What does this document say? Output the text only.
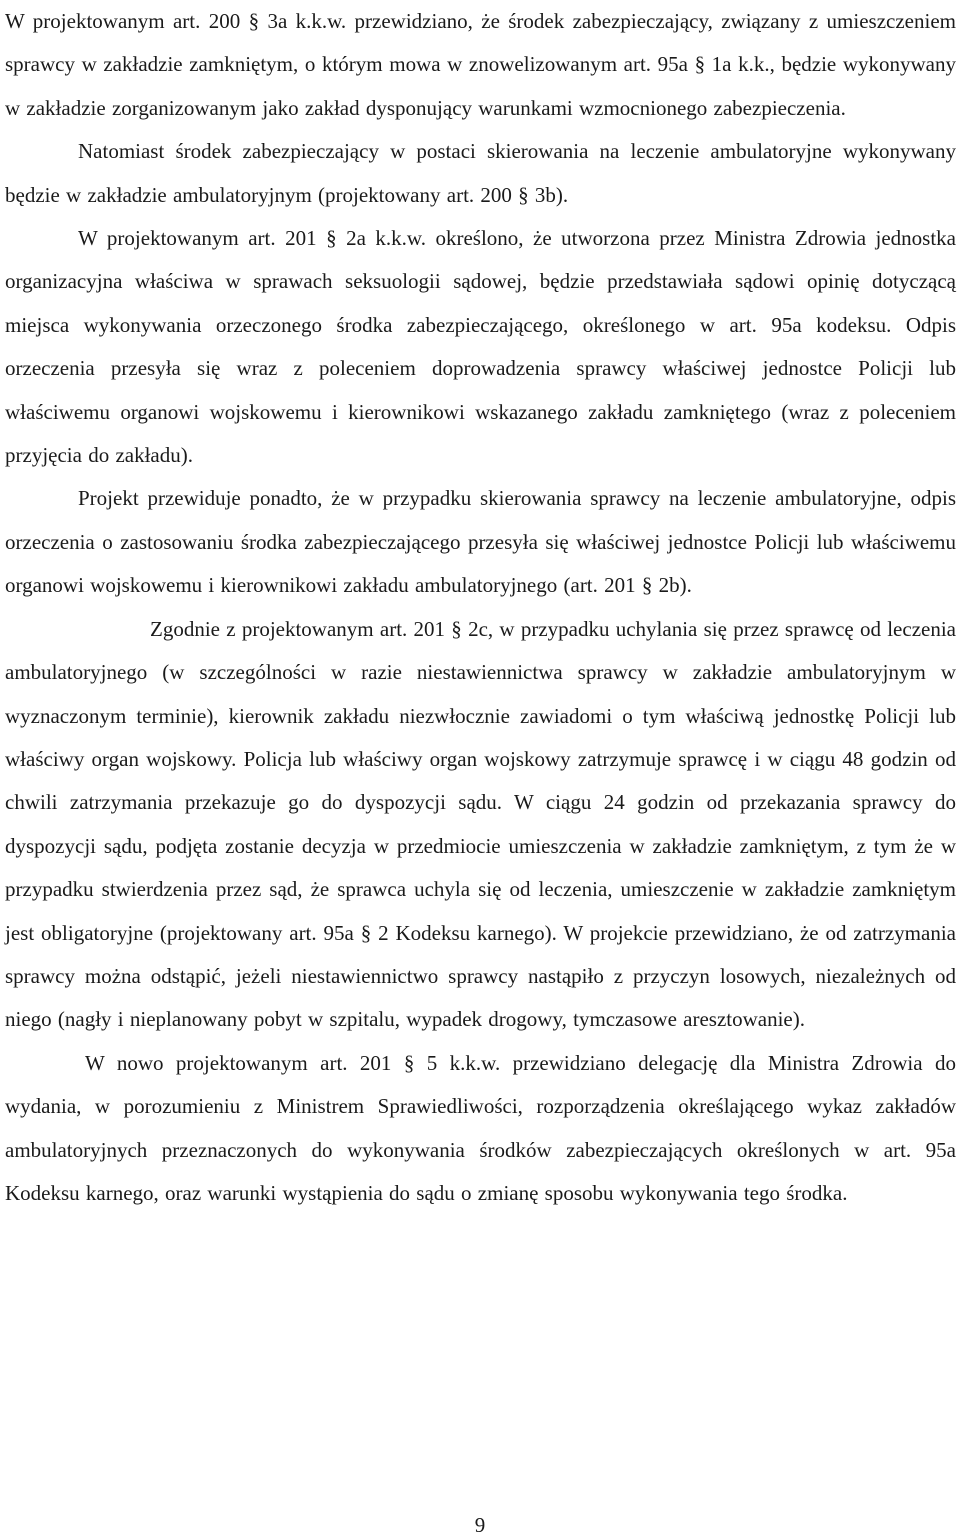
W projektowanym art. 200 § 3a k.k.w. przewidziano, że środek zabezpieczający, związany z umieszczeniem sprawcy w zakładzie zamkniętym, o którym mowa w znowelizowanym art. 95a § 1a k.k., będzie wykonywany w zakładzie zorganizowanym jako zakład dysponujący warunkami wzmocnionego zabezpieczenia.

Natomiast środek zabezpieczający w postaci skierowania na leczenie ambulatoryjne wykonywany będzie w zakładzie ambulatoryjnym (projektowany art. 200 § 3b).

W projektowanym art. 201 § 2a k.k.w. określono, że utworzona przez Ministra Zdrowia jednostka organizacyjna właściwa w sprawach seksuologii sądowej, będzie przedstawiała sądowi opinię dotyczącą miejsca wykonywania orzeczonego środka zabezpieczającego, określonego w art. 95a kodeksu. Odpis orzeczenia przesyła się wraz z poleceniem doprowadzenia sprawcy właściwej jednostce Policji lub właściwemu organowi wojskowemu i kierownikowi wskazanego zakładu zamkniętego (wraz z poleceniem przyjęcia do zakładu).

Projekt przewiduje ponadto, że w przypadku skierowania sprawcy na leczenie ambulatoryjne, odpis orzeczenia o zastosowaniu środka zabezpieczającego przesyła się właściwej jednostce Policji lub właściwemu organowi wojskowemu i kierownikowi zakładu ambulatoryjnego (art. 201 § 2b).

Zgodnie z projektowanym art. 201 § 2c, w przypadku uchylania się przez sprawcę od leczenia ambulatoryjnego (w szczególności w razie niestawiennictwa sprawcy w zakładzie ambulatoryjnym w wyznaczonym terminie), kierownik zakładu niezwłocznie zawiadomi o tym właściwą jednostkę Policji lub właściwy organ wojskowy. Policja lub właściwy organ wojskowy zatrzymuje sprawcę i w ciągu 48 godzin od chwili zatrzymania przekazuje go do dyspozycji sądu. W ciągu 24 godzin od przekazania sprawcy do dyspozycji sądu, podjęta zostanie decyzja w przedmiocie umieszczenia w zakładzie zamkniętym, z tym że w przypadku stwierdzenia przez sąd, że sprawca uchyla się od leczenia, umieszczenie w zakładzie zamkniętym jest obligatoryjne (projektowany art. 95a § 2 Kodeksu karnego). W projekcie przewidziano, że od zatrzymania sprawcy można odstąpić, jeżeli niestawiennictwo sprawcy nastąpiło z przyczyn losowych, niezależnych od niego (nagły i nieplanowany pobyt w szpitalu, wypadek drogowy, tymczasowe aresztowanie).

W nowo projektowanym art. 201 § 5 k.k.w. przewidziano delegację dla Ministra Zdrowia do wydania, w porozumieniu z Ministrem Sprawiedliwości, rozporządzenia określającego wykaz zakładów ambulatoryjnych przeznaczonych do wykonywania środków zabezpieczających określonych w art. 95a Kodeksu karnego, oraz warunki wystąpienia do sądu o zmianę sposobu wykonywania tego środka.

9
